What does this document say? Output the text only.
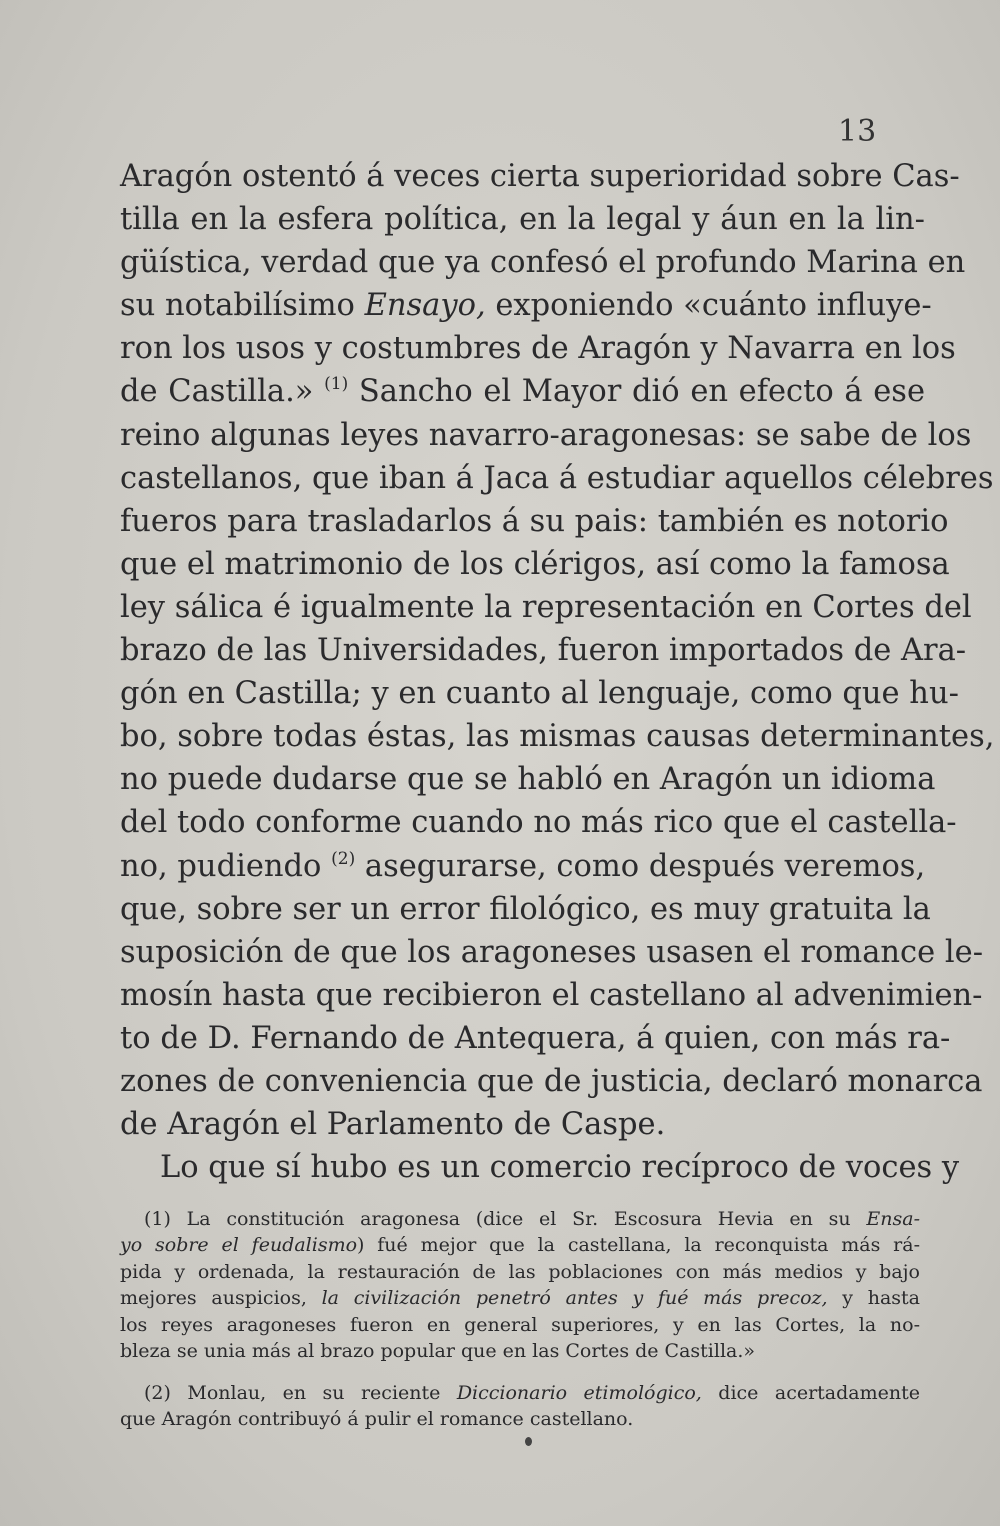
13
Aragón ostentó á veces cierta superioridad sobre Cas-
tilla en la esfera política, en la legal y áun en la lin-
güística, verdad que ya confesó el profundo Marina en
su notabilísimo Ensayo, exponiendo «cuánto influye-
ron los usos y costumbres de Aragón y Navarra en los
de Castilla.» $^{(1)}$ Sancho el Mayor dió en efecto á ese
reino algunas leyes navarro-aragonesas: se sabe de los
castellanos, que iban á Jaca á estudiar aquellos célebres
fueros para trasladarlos á su pais: también es notorio
que el matrimonio de los clérigos, así como la famosa
ley sálica é igualmente la representación en Cortes del
brazo de las Universidades, fueron importados de Ara-
gón en Castilla; y en cuanto al lenguaje, como que hu-
bo, sobre todas éstas, las mismas causas determinantes,
no puede dudarse que se habló en Aragón un idioma
del todo conforme cuando no más rico que el castella-
no, pudiendo $^{(2)}$ asegurarse, como después veremos,
que, sobre ser un error filológico, es muy gratuita la
suposición de que los aragoneses usasen el romance le-
mosín hasta que recibieron el castellano al advenimien-
to de D. Fernando de Antequera, á quien, con más ra-
zones de conveniencia que de justicia, declaró monarca
de Aragón el Parlamento de Caspe.
Lo que sí hubo es un comercio recíproco de voces y
(1) La constitución aragonesa (dice el Sr. Escosura Hevia en su Ensa-
yo sobre el feudalismo) fué mejor que la castellana, la reconquista más rá-
pida y ordenada, la restauración de las poblaciones con más medios y bajo
mejores auspicios, la civilización penetró antes y fué más precoz, y hasta
los reyes aragoneses fueron en general superiores, y en las Cortes, la no-
bleza se unia más al brazo popular que en las Cortes de Castilla.»
(2) Monlau, en su reciente Diccionario etimológico, dice acertadamente
que Aragón contribuyó á pulir el romance castellano.
